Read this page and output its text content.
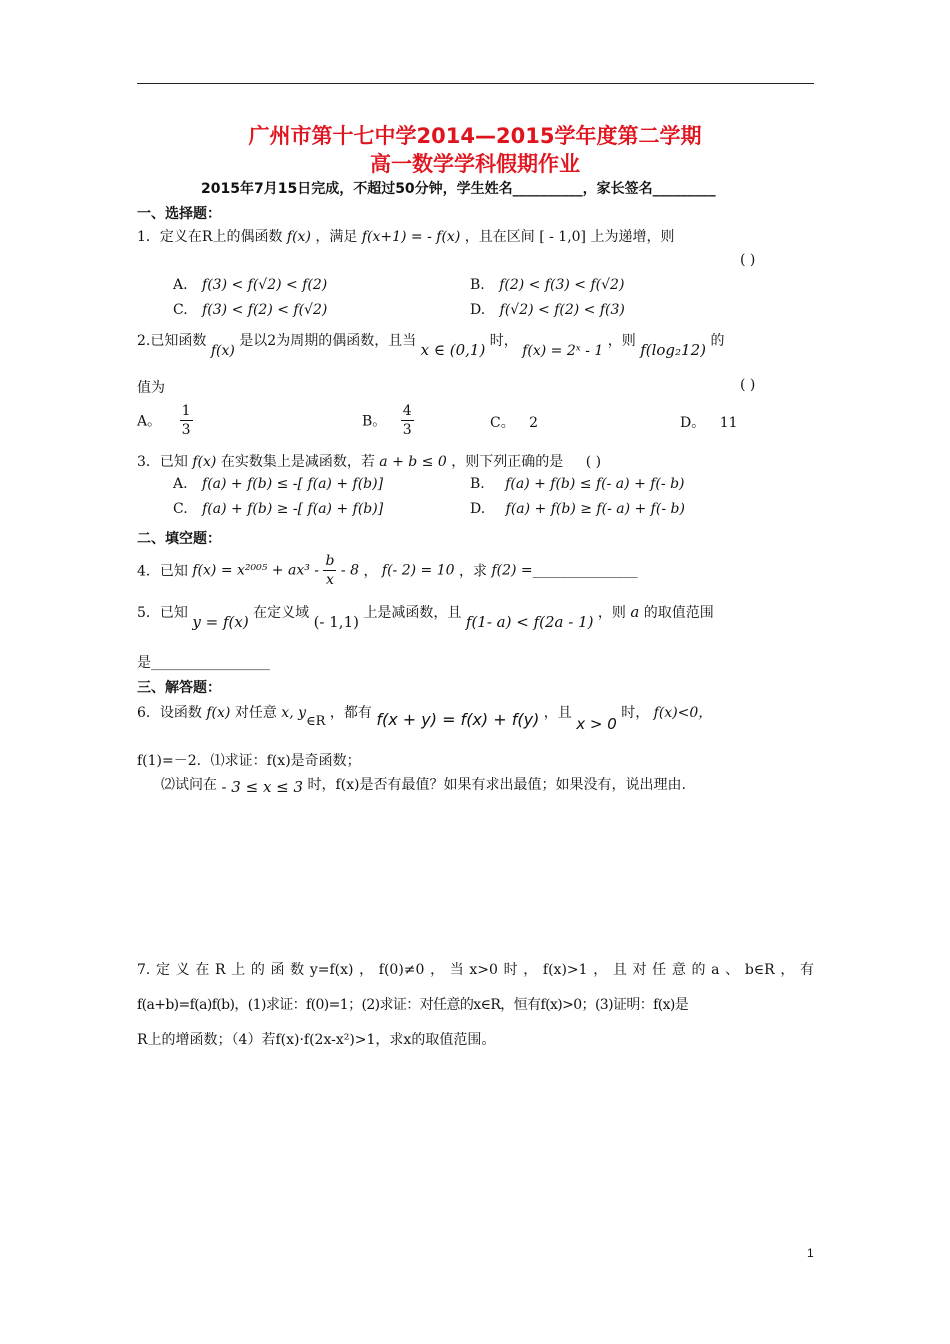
广州市第十七中学2014—2015学年度第二学期
高一数学学科假期作业
2015年7月15日完成，不超过50分钟，学生姓名__________，家长签名_________
一、选择题：
1．定义在R上的偶函数 f(x) ，满足 f(x+1) = - f(x) ，且在区间 [ - 1,0] 上为递增，则
( )
A. f(3) < f(√2) < f(2)	B. f(2) < f(3) < f(√2)
C. f(3) < f(2) < f(√2)	D. f(√2) < f(2) < f(3)
2.已知函数 f(x) 是以2为周期的偶函数，且当 x ∈ (0,1) 时， f(x) = 2ˣ - 1 ，则 f(log₂12) 的
值为	( )
A。 $\frac{1}{3}$	B。 $\frac{4}{3}$	C。 2	D。 11
3．已知 f(x) 在实数集上是减函数，若 a + b ≤ 0 ，则下列正确的是 ( )
A. f(a) + f(b) ≤ -[ f(a) + f(b)]	B. f(a) + f(b) ≤ f(- a) + f(- b)
C. f(a) + f(b) ≥ -[ f(a) + f(b)]	D. f(a) + f(b) ≥ f(- a) + f(- b)
二、填空题：
4．已知 $f(x) = x^{2005} + ax^3 - \frac{b}{x} - 8$ ， f(- 2) = 10 ，求 f(2) =_______________
5．已知 y = f(x) 在定义域 (- 1,1) 上是减函数，且 f(1- a) < f(2a - 1) ，则 a 的取值范围
是_________________
三、解答题：
6．设函数 f(x) 对任意 x, y∈R ，都有 f(x + y) = f(x) + f(y) ，且 x > 0 时， f(x)<0，
f(1)=－2．⑴求证：f(x)是奇函数；
⑵试问在 - 3 ≤ x ≤ 3 时，f(x)是否有最值？如果有求出最值；如果没有，说出理由.
7.定义在R上的函数y=f(x)，f(0)≠0，当x>0时，f(x)>1，且对任意的a、b∈R，有
f(a+b)=f(a)f(b)，(1)求证：f(0)=1；(2)求证：对任意的x∈R，恒有f(x)>0；(3)证明：f(x)是
R上的增函数；（4）若f(x)·f(2x-x²)>1，求x的取值范围。
1
